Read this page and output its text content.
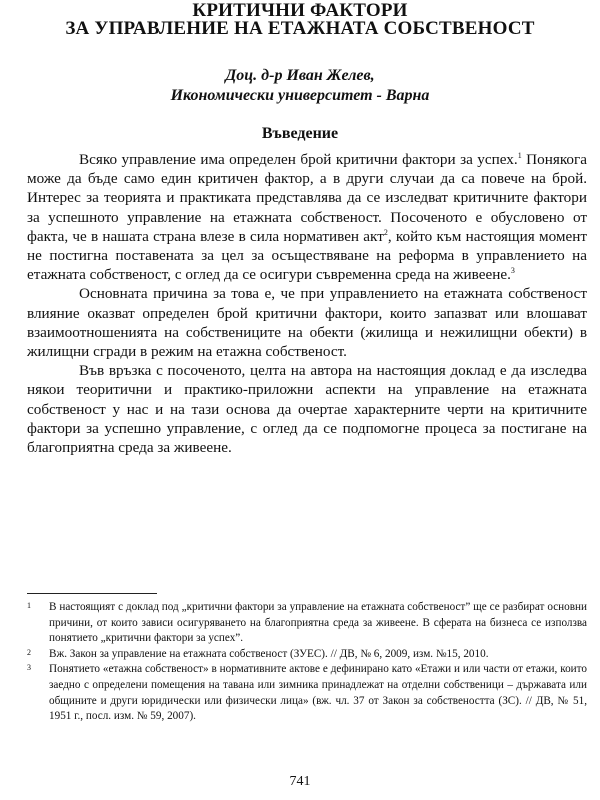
КРИТИЧНИ ФАКТОРИ
ЗА УПРАВЛЕНИЕ НА ЕТАЖНАТА СОБСТВЕНОСТ
Доц. д-р Иван Желев,
Икономически университет - Варна
Въведение

Всяко управление има определен брой критични фактори за успех.$^1$ Понякога може да бъде само един критичен фактор, а в други случаи да са повече на брой. Интерес за теорията и практиката представлява да се изследват критичните фактори за успешното управление на етажната собственост. Посоченото е обусловено от факта, че в нашата страна влезе в сила нормативен акт$^2$, който към настоящия момент не постигна поставената за цел за осъществяване на реформа в управлението на етажната собственост, с оглед да се осигури съвременна среда на живеене.$^3$

Основната причина за това е, че при управлението на етажната собственост влияние оказват определен брой критични фактори, които запазват или влошават взаимоотношенията на собствениците на обекти (жилища и нежилищни обекти) в жилищни сгради в режим на етажна собственост.

Във връзка с посоченото, целта на автора на настоящия доклад е да изследва някои теоритични и практико-приложни аспекти на управление на етажната собственост у нас и на тази основа да очертае характерните черти на критичните фактори за успешно управление, с оглед да се подпомогне процеса за постигане на благоприятна среда за живеене.

1 В настоящият с доклад под „критични фактори за управление на етажната собственост” ще се разбират основни причини, от които зависи осигуряването на благоприятна среда за живеене. В сферата на бизнеса се използва понятието „критични фактори за успех”.

2 Вж. Закон за управление на етажната собственост (ЗУЕС). // ДВ, № 6, 2009, изм. №15, 2010.

3 Понятието «етажна собственост» в нормативните актове е дефинирано като «Етажи и или части от етажи, които заедно с определени помещения на тавана или зимника принадлежат на отделни собственици – държавата или общините и други юридически или физически лица» (вж. чл. 37 от Закон за собствеността (ЗС). // ДВ, № 51, 1951 г., посл. изм. № 59, 2007).

741
